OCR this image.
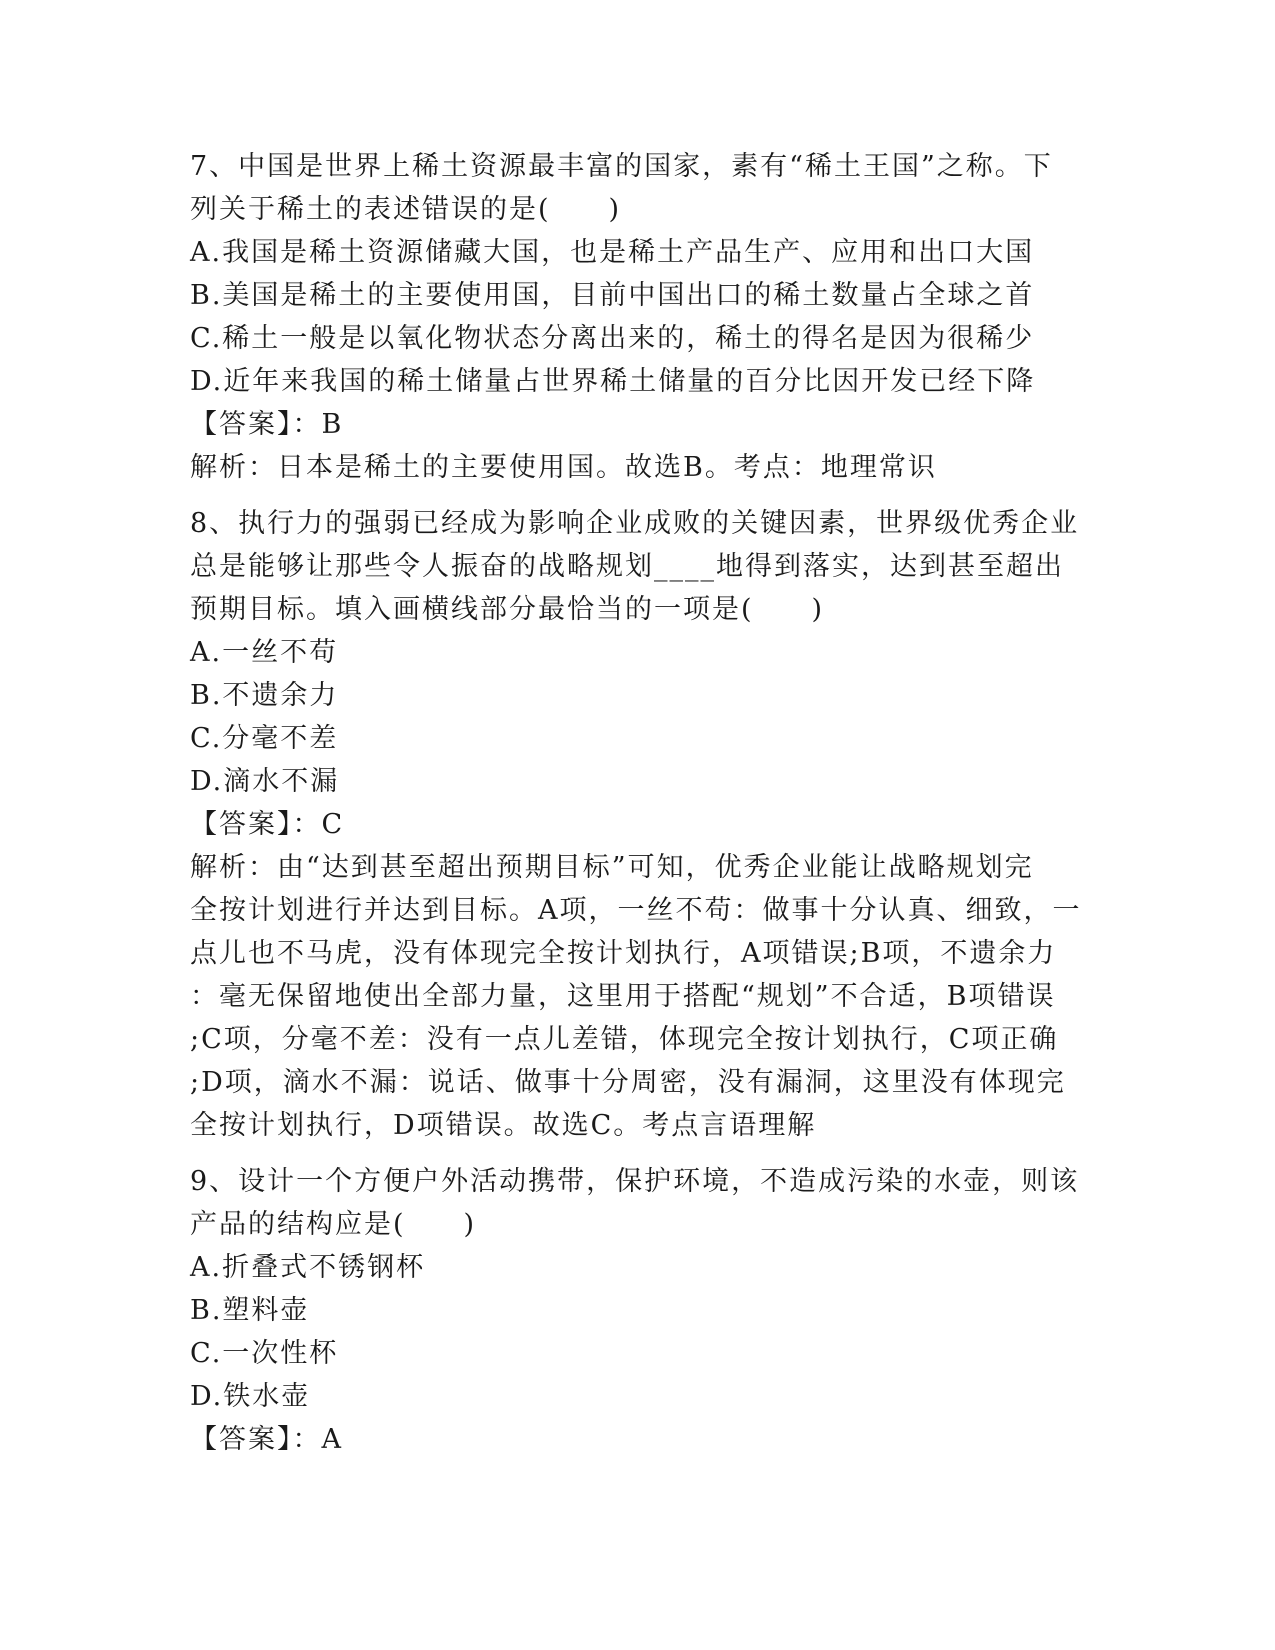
7、中国是世界上稀土资源最丰富的国家，素有“稀土王国”之称。下
列关于稀土的表述错误的是(　　)
A.我国是稀土资源储藏大国，也是稀土产品生产、应用和出口大国
B.美国是稀土的主要使用国，目前中国出口的稀土数量占全球之首
C.稀土一般是以氧化物状态分离出来的，稀土的得名是因为很稀少
D.近年来我国的稀土储量占世界稀土储量的百分比因开发已经下降
【答案】：B
解析：日本是稀土的主要使用国。故选B。考点：地理常识
8、执行力的强弱已经成为影响企业成败的关键因素，世界级优秀企业
总是能够让那些令人振奋的战略规划____地得到落实，达到甚至超出
预期目标。填入画横线部分最恰当的一项是(　　)
A.一丝不苟
B.不遗余力
C.分毫不差
D.滴水不漏
【答案】：C
解析：由“达到甚至超出预期目标”可知，优秀企业能让战略规划完
全按计划进行并达到目标。A项，一丝不苟：做事十分认真、细致，一
点儿也不马虎，没有体现完全按计划执行，A项错误;B项，不遗余力
：毫无保留地使出全部力量，这里用于搭配“规划”不合适，B项错误
;C项，分毫不差：没有一点儿差错，体现完全按计划执行，C项正确
;D项，滴水不漏：说话、做事十分周密，没有漏洞，这里没有体现完
全按计划执行，D项错误。故选C。考点言语理解
9、设计一个方便户外活动携带，保护环境，不造成污染的水壶，则该
产品的结构应是(　　)
A.折叠式不锈钢杯
B.塑料壶
C.一次性杯
D.铁水壶
【答案】：A
